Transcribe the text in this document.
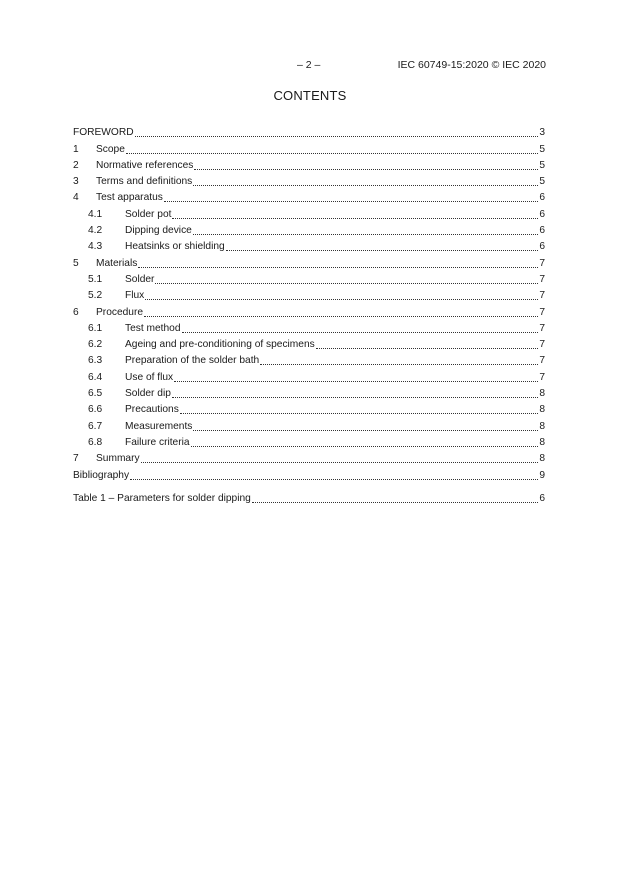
– 2 –	IEC 60749-15:2020 © IEC 2020
CONTENTS
FOREWORD	3
1	Scope	5
2	Normative references	5
3	Terms and definitions	5
4	Test apparatus	6
4.1	Solder pot	6
4.2	Dipping device	6
4.3	Heatsinks or shielding	6
5	Materials	7
5.1	Solder	7
5.2	Flux	7
6	Procedure	7
6.1	Test method	7
6.2	Ageing and pre-conditioning of specimens	7
6.3	Preparation of the solder bath	7
6.4	Use of flux	7
6.5	Solder dip	8
6.6	Precautions	8
6.7	Measurements	8
6.8	Failure criteria	8
7	Summary	8
Bibliography	9
Table 1 – Parameters for solder dipping	6
